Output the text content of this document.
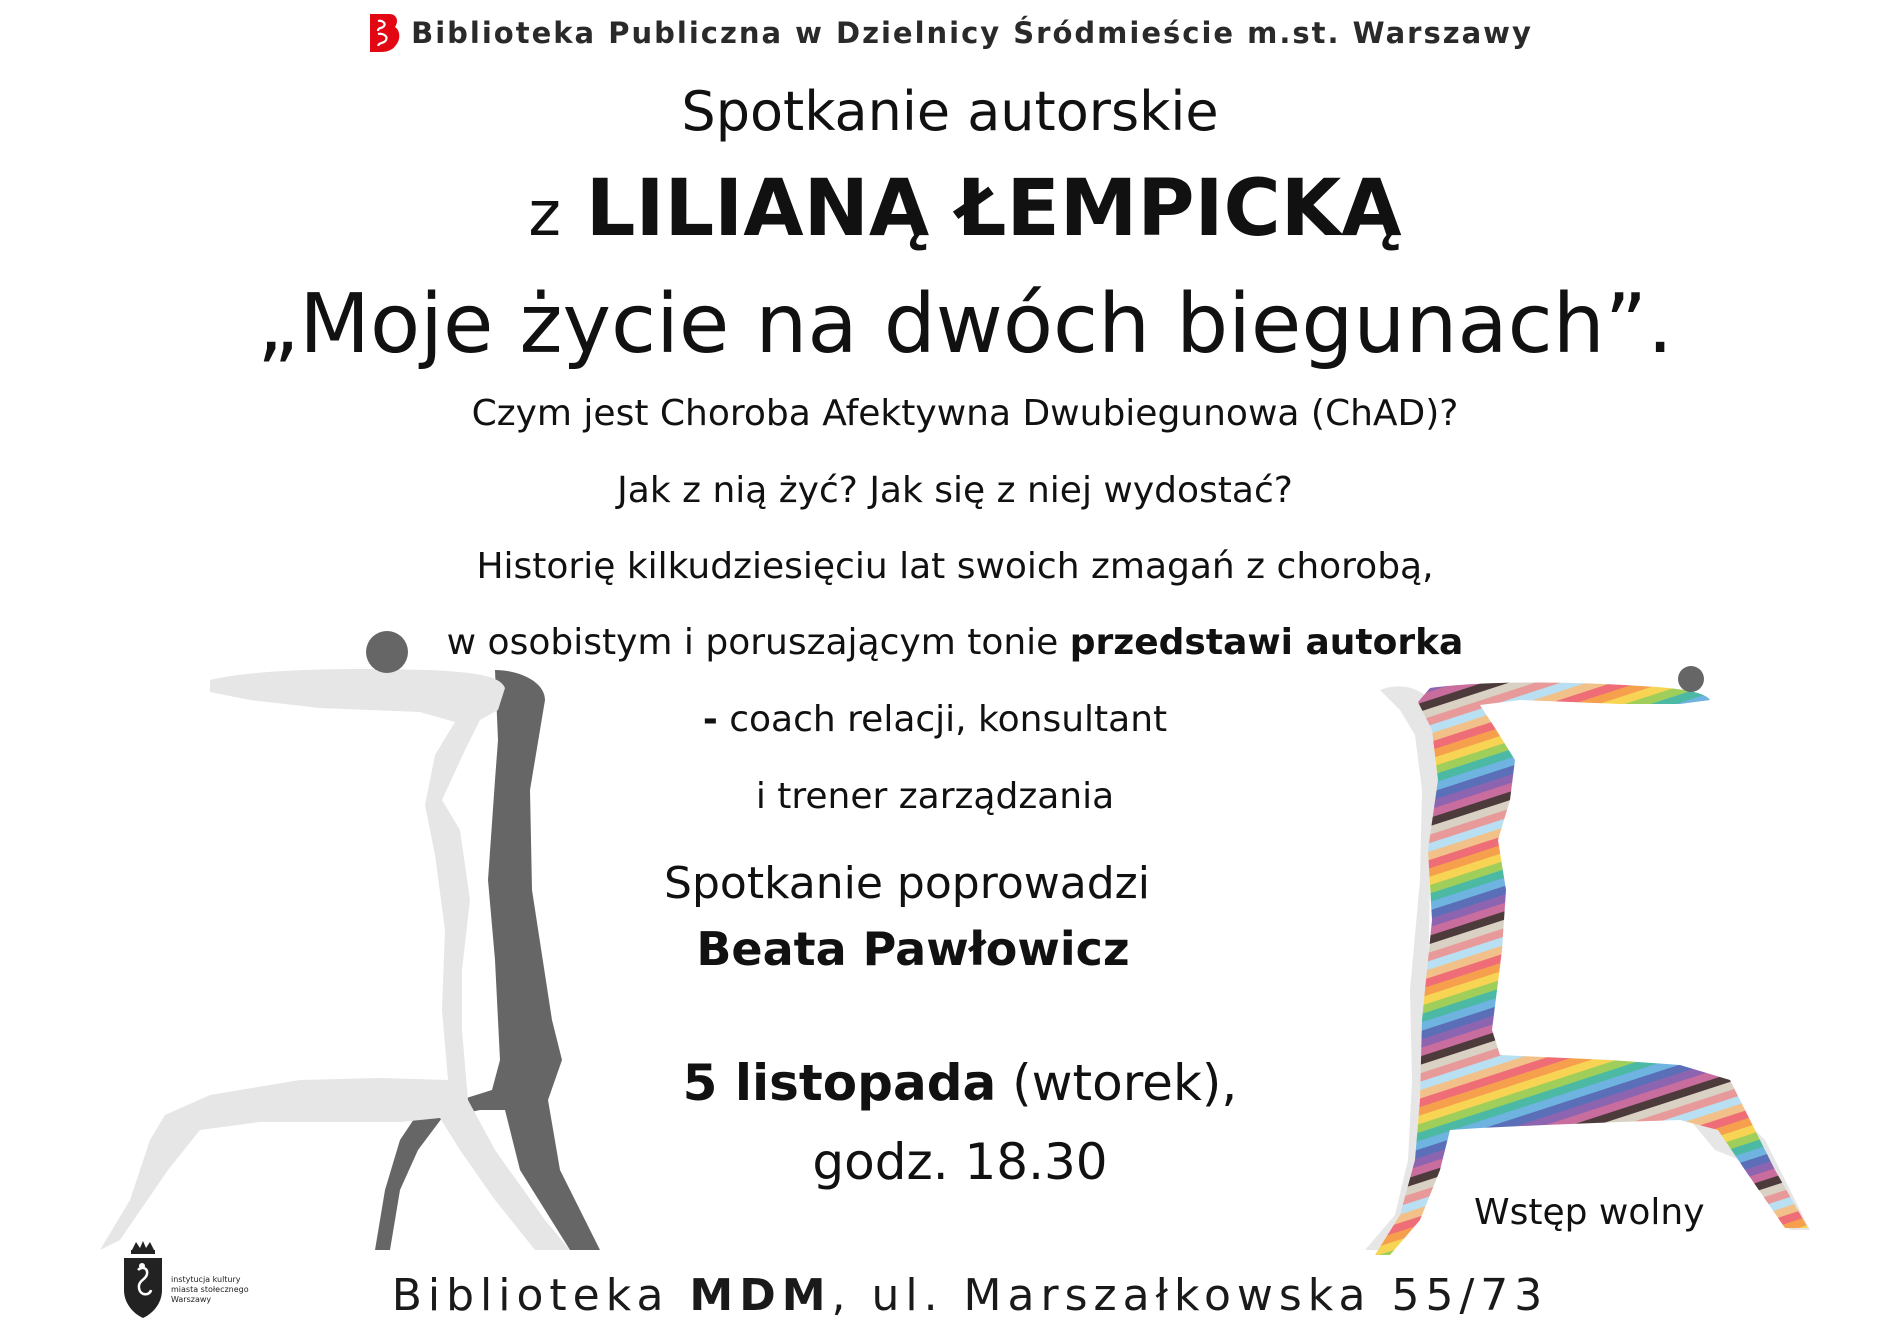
Biblioteka Publiczna w Dzielnicy Śródmieście m.st. Warszawy
Spotkanie autorskie
z LILIANĄ ŁEMPICKĄ
„Moje życie na dwóch biegunach”.
Czym jest Choroba Afektywna Dwubiegunowa (ChAD)?
Jak z nią żyć? Jak się z niej wydostać?
Historię kilkudziesięciu lat swoich zmagań z chorobą,
w osobistym i poruszającym tonie przedstawi autorka
- coach relacji, konsultant
i trener zarządzania
Spotkanie poprowadzi
Beata Pawłowicz
5 listopada (wtorek),
godz. 18.30
Wstęp wolny
instytucja kultury
miasta stołecznego
Warszawy	Biblioteka MDM, ul. Marszałkowska 55/73
